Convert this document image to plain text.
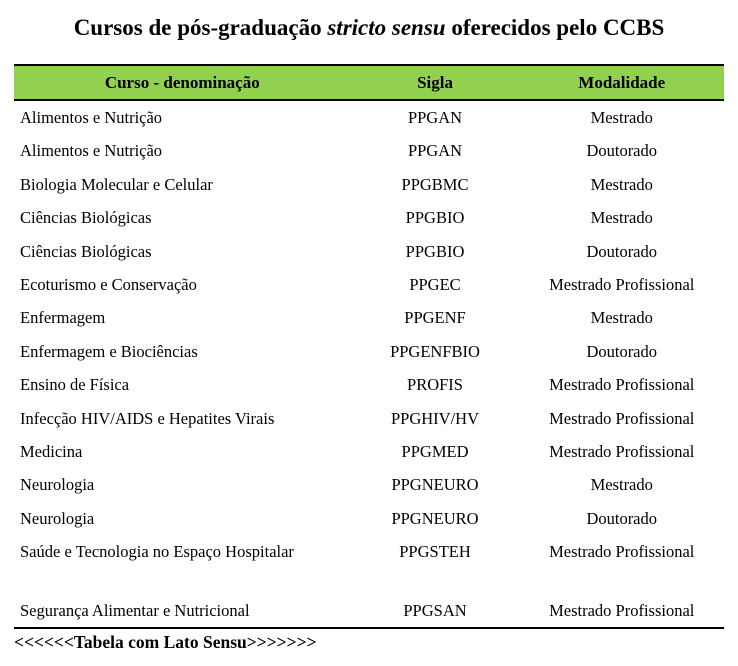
Cursos de pós-graduação stricto sensu oferecidos pelo CCBS
Curso - denominação	Sigla	Modalidade
Alimentos e Nutrição	PPGAN	Mestrado
Alimentos e Nutrição	PPGAN	Doutorado
Biologia Molecular e Celular	PPGBMC	Mestrado
Ciências Biológicas	PPGBIO	Mestrado
Ciências Biológicas	PPGBIO	Doutorado
Ecoturismo e Conservação	PPGEC	Mestrado Profissional
Enfermagem	PPGENF	Mestrado
Enfermagem e Biociências	PPGENFBIO	Doutorado
Ensino de Física	PROFIS	Mestrado Profissional
Infecção HIV/AIDS e Hepatites Virais	PPGHIV/HV	Mestrado Profissional
Medicina	PPGMED	Mestrado Profissional
Neurologia	PPGNEURO	Mestrado
Neurologia	PPGNEURO	Doutorado
Saúde e Tecnologia no Espaço Hospitalar	PPGSTEH	Mestrado Profissional
Segurança Alimentar e Nutricional	PPGSAN	Mestrado Profissional
<<<<<<Tabela com Lato Sensu>>>>>>>
